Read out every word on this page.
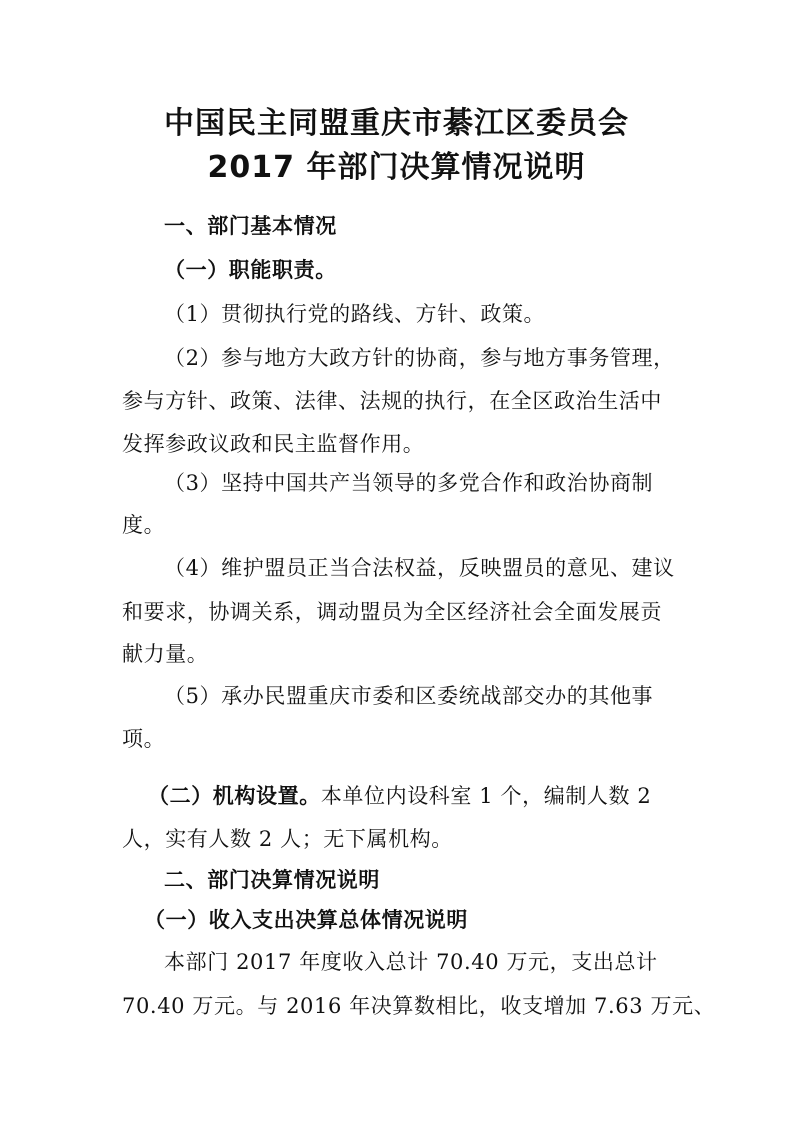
中国民主同盟重庆市綦江区委员会
2017 年部门决算情况说明
一、部门基本情况
（一）职能职责。
（1）贯彻执行党的路线、方针、政策。
（2）参与地方大政方针的协商，参与地方事务管理，
参与方针、政策、法律、法规的执行，在全区政治生活中
发挥参政议政和民主监督作用。
（3）坚持中国共产当领导的多党合作和政治协商制
度。
（4）维护盟员正当合法权益，反映盟员的意见、建议
和要求，协调关系，调动盟员为全区经济社会全面发展贡
献力量。
（5）承办民盟重庆市委和区委统战部交办的其他事
项。
（二）机构设置。本单位内设科室 1 个，编制人数 2
人，实有人数 2 人；无下属机构。
二、部门决算情况说明
（一）收入支出决算总体情况说明
本部门 2017 年度收入总计 70.40 万元，支出总计
70.40 万元。与 2016 年决算数相比，收支增加 7.63 万元、
